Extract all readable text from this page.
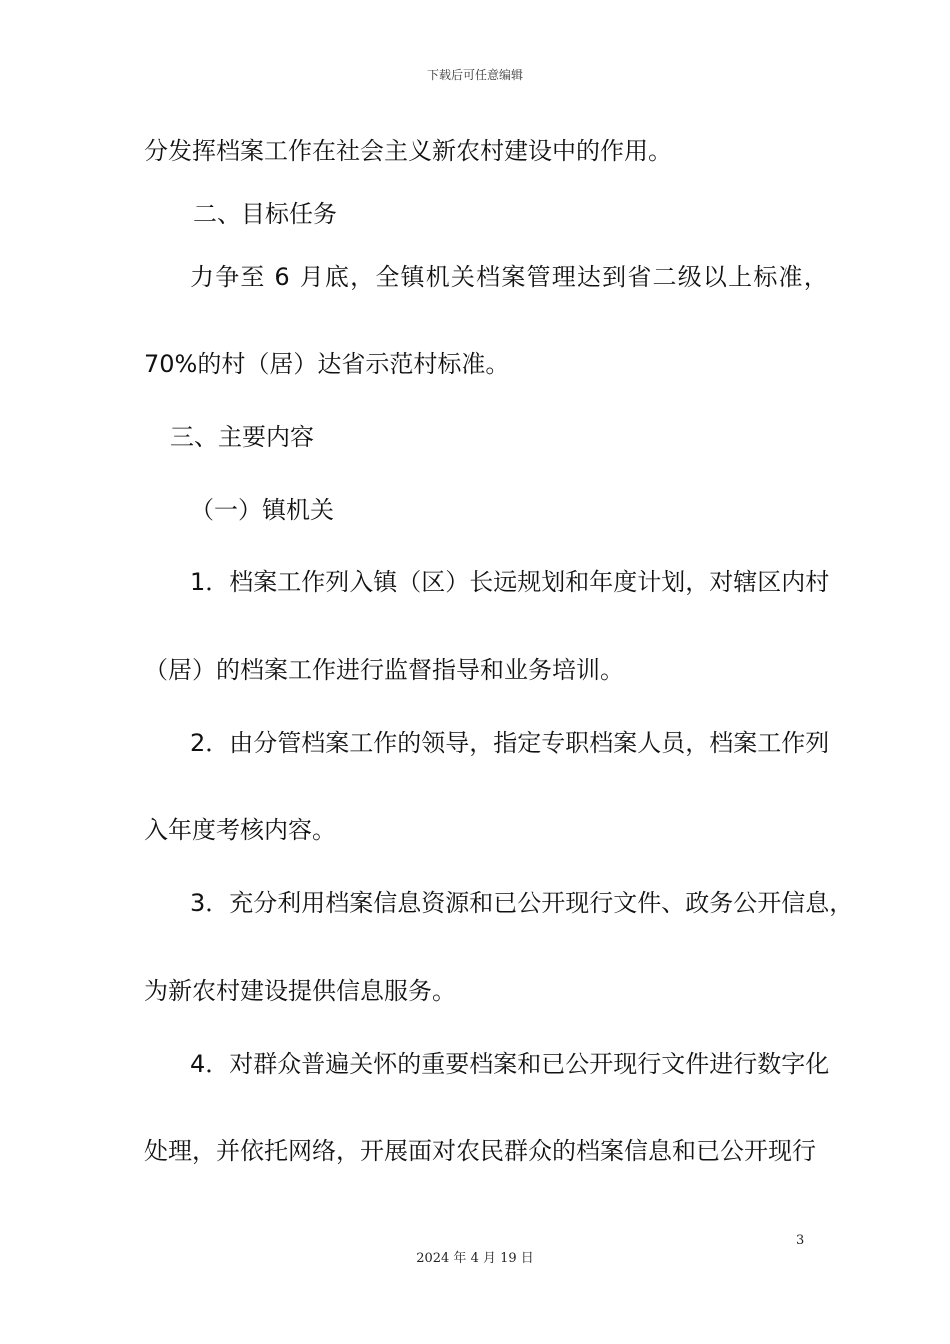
下载后可任意编辑
分发挥档案工作在社会主义新农村建设中的作用。
二、目标任务
力争至 6 月底，全镇机关档案管理达到省二级以上标准，
70%的村（居）达省示范村标准。
三、主要内容
（一）镇机关
1．档案工作列入镇（区）长远规划和年度计划，对辖区内村
（居）的档案工作进行监督指导和业务培训。
2．由分管档案工作的领导，指定专职档案人员，档案工作列
入年度考核内容。
3．充分利用档案信息资源和已公开现行文件、政务公开信息，
为新农村建设提供信息服务。
4．对群众普遍关怀的重要档案和已公开现行文件进行数字化
处理，并依托网络，开展面对农民群众的档案信息和已公开现行
3
2024 年 4 月 19 日
